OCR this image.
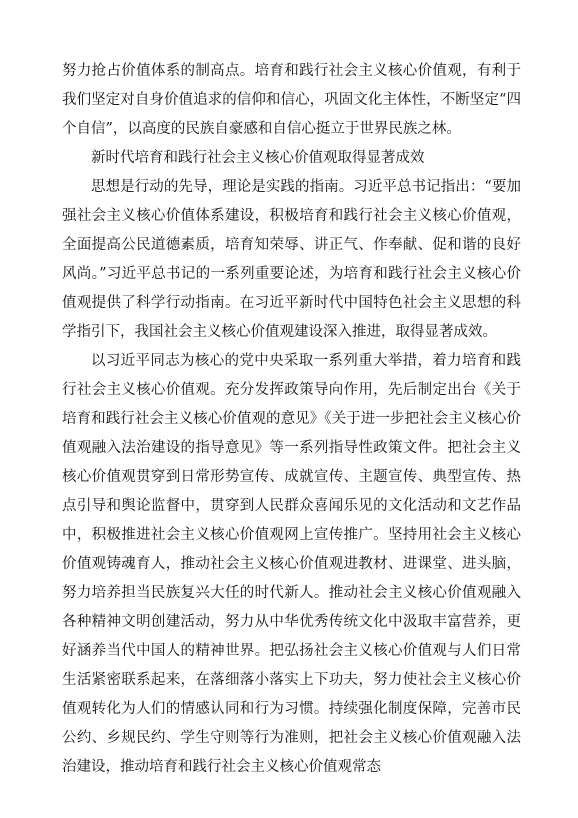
努力抢占价值体系的制高点。培育和践行社会主义核心价值观，有利于我们坚定对自身价值追求的信仰和信心，巩固文化主体性，不断坚定“四个自信”，以高度的民族自豪感和自信心挺立于世界民族之林。

新时代培育和践行社会主义核心价值观取得显著成效

思想是行动的先导，理论是实践的指南。习近平总书记指出：“要加强社会主义核心价值体系建设，积极培育和践行社会主义核心价值观，全面提高公民道德素质，培育知荣辱、讲正气、作奉献、促和谐的良好风尚。”习近平总书记的一系列重要论述，为培育和践行社会主义核心价值观提供了科学行动指南。在习近平新时代中国特色社会主义思想的科学指引下，我国社会主义核心价值观建设深入推进，取得显著成效。

以习近平同志为核心的党中央采取一系列重大举措，着力培育和践行社会主义核心价值观。充分发挥政策导向作用，先后制定出台《关于培育和践行社会主义核心价值观的意见》《关于进一步把社会主义核心价值观融入法治建设的指导意见》等一系列指导性政策文件。把社会主义核心价值观贯穿到日常形势宣传、成就宣传、主题宣传、典型宣传、热点引导和舆论监督中，贯穿到人民群众喜闻乐见的文化活动和文艺作品中，积极推进社会主义核心价值观网上宣传推广。坚持用社会主义核心价值观铸魂育人，推动社会主义核心价值观进教材、进课堂、进头脑，努力培养担当民族复兴大任的时代新人。推动社会主义核心价值观融入各种精神文明创建活动，努力从中华优秀传统文化中汲取丰富营养，更好涵养当代中国人的精神世界。把弘扬社会主义核心价值观与人们日常生活紧密联系起来，在落细落小落实上下功夫，努力使社会主义核心价值观转化为人们的情感认同和行为习惯。持续强化制度保障，完善市民公约、乡规民约、学生守则等行为准则，把社会主义核心价值观融入法治建设，推动培育和践行社会主义核心价值观常态
